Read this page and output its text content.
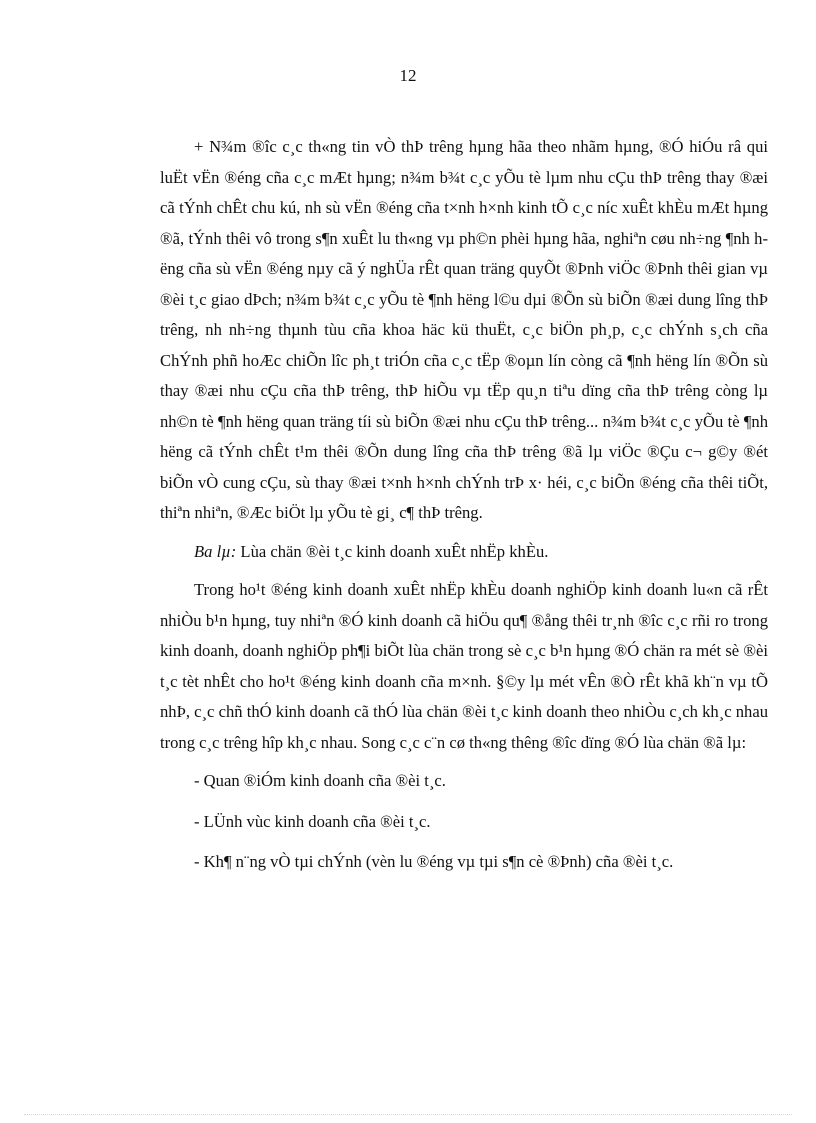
12

+ N¾m ®îc c¸c th«ng tin vÒ thÞ trêng hµng hãa theo nhãm hµng, ®Ó hiÓu râ qui luËt vËn ®éng cña c¸c mÆt hµng; n¾m b¾t c¸c yÕu tè lµm nhu cÇu thÞ trêng thay ®æi cã tÝnh chÊt chu kú, nh sù vËn ®éng cña t×nh h×nh kinh tÕ c¸c níc xuÊt khÈu mÆt hµng ®ã, tÝnh thêi vô trong s¶n xuÊt lu th«ng vµ ph©n phèi hµng hãa, nghiªn cøu nh÷ng ¶nh hëng cña sù vËn ®éng nµy cã ý nghÜa rÊt quan träng quyÕt ®Þnh viÖc ®Þnh thêi gian vµ ®èi t¸c giao dÞch; n¾m b¾t c¸c yÕu tè ¶nh hëng l©u dµi ®Õn sù biÕn ®æi dung lîng thÞ trêng, nh nh÷ng thµnh tùu cña khoa häc kü thuËt, c¸c biÖn ph¸p, c¸c chÝnh s¸ch cña ChÝnh phñ hoÆc chiÕn lîc ph¸t triÓn cña c¸c tËp ®oµn lín còng cã ¶nh hëng lín ®Õn sù thay ®æi nhu cÇu cña thÞ trêng, thÞ hiÕu vµ tËp qu¸n tiªu dïng cña thÞ trêng còng lµ nh©n tè ¶nh hëng quan träng tíi sù biÕn ®æi nhu cÇu thÞ trêng... n¾m b¾t c¸c yÕu tè ¶nh hëng cã tÝnh chÊt t¹m thêi ®Õn dung lîng cña thÞ trêng ®ã lµ viÖc ®Çu c¬ g©y ®ét biÕn vÒ cung cÇu, sù thay ®æi t×nh h×nh chÝnh trÞ x· héi, c¸c biÕn ®éng cña thêi tiÕt, thiªn nhiªn, ®Æc biÖt lµ yÕu tè gi¸ c¶ thÞ trêng.

Ba lµ: Lùa chän ®èi t¸c kinh doanh xuÊt nhËp khÈu.

Trong ho¹t ®éng kinh doanh xuÊt nhËp khÈu doanh nghiÖp kinh doanh lu«n cã rÊt nhiÒu b¹n hµng, tuy nhiªn ®Ó kinh doanh cã hiÖu qu¶ ®ång thêi tr¸nh ®îc c¸c rñi ro trong kinh doanh, doanh nghiÖp ph¶i biÕt lùa chän trong sè c¸c b¹n hµng ®Ó chän ra mét sè ®èi t¸c tèt nhÊt cho ho¹t ®éng kinh doanh cña m×nh. §©y lµ mét vÊn ®Ò rÊt khã kh¨n vµ tÕ nhÞ, c¸c chñ thÓ kinh doanh cã thÓ lùa chän ®èi t¸c kinh doanh theo nhiÒu c¸ch kh¸c nhau trong c¸c trêng hîp kh¸c nhau. Song c¸c c¨n cø th«ng thêng ®îc dïng ®Ó lùa chän ®ã lµ:

- Quan ®iÓm kinh doanh cña ®èi t¸c.

- LÜnh vùc kinh doanh cña ®èi t¸c.

- Kh¶ n¨ng vÒ tµi chÝnh (vèn lu ®éng vµ tµi s¶n cè ®Þnh) cña ®èi t¸c.
